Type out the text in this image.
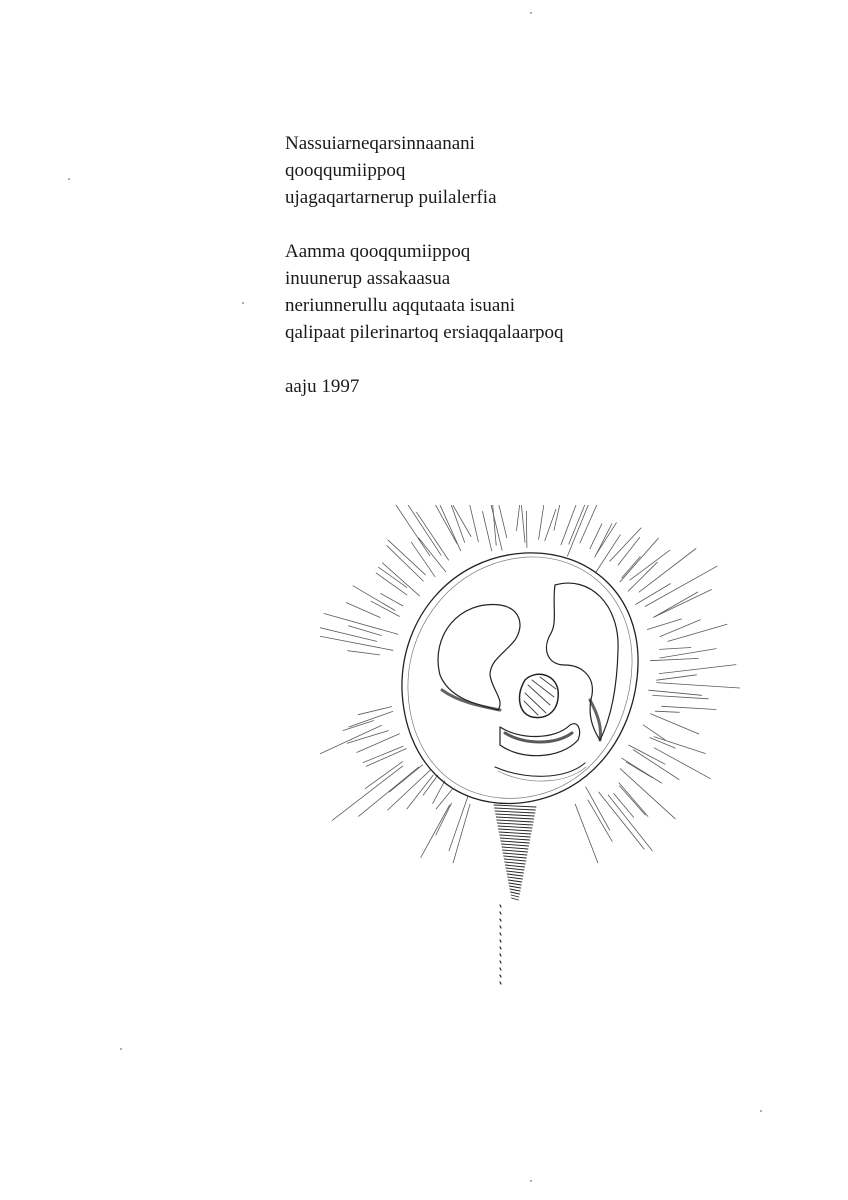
Nassuiarneqarsinnaanani
qooqqumiippoq
ujagaqartarnerup puilalerfia
Aamma qooqqumiippoq
inuunerup assakaasua
neriunnerullu aqqutaata isuani
qalipaat pilerinartoq ersiaqqalaarpoq
aaju 1997
